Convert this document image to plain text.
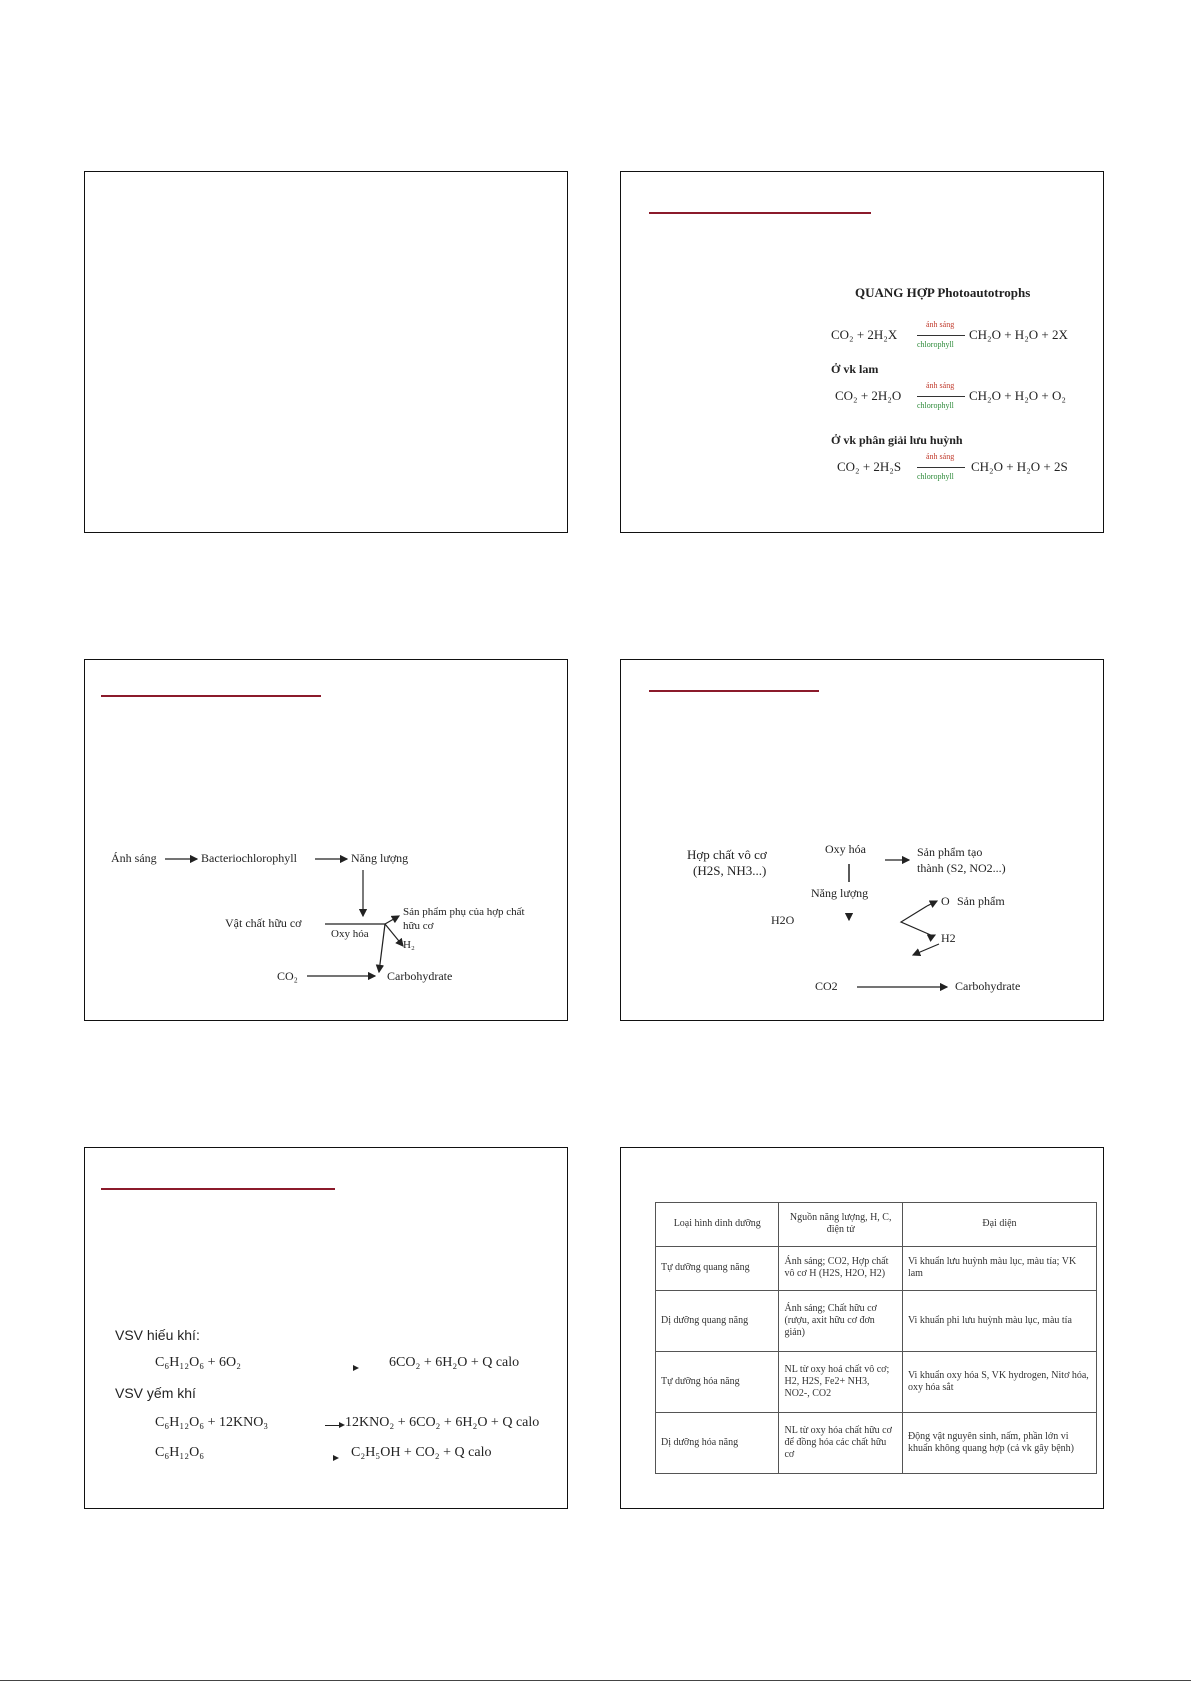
QUANG HỢP Photoautotrophs
CO₂ + 2H₂X
ánh sáng
chlorophyll
CH₂O + H₂O + 2X
Ở vk lam
CO₂ + 2H₂O
ánh sáng
chlorophyll
CH₂O + H₂O + O₂
Ở vk phân giải lưu huỳnh
CO₂ + 2H₂S
ánh sáng
chlorophyll
CH₂O + H₂O + 2S
Ánh sáng	Bacteriochlorophyll	Năng lượng
Vật chất hữu cơ
Oxy hóa
Sản phẩm phụ của hợp chất
hữu cơ
H₂
CO₂	Carbohydrate
Hợp chất vô cơ
(H2S, NH3...)
Oxy hóa	Sản phẩm tạo
thành (S2, NO2...)
Năng lượng
O Sản phẩm
H2O
H2
CO2	Carbohydrate
VSV hiếu khí:
C₆H₁₂O₆ + 6O₂	6CO₂ + 6H₂O + Q calo
VSV yếm khí
C₆H₁₂O₆ + 12KNO₃	12KNO₂ + 6CO₂ + 6H₂O + Q calo
C₆H₁₂O₆	C₂H₅OH + CO₂ + Q calo
Loại hình dinh dưỡng	Nguồn năng lượng, H, C, điện tử	Đại diện
Tự dưỡng quang năng	Ánh sáng; CO2, Hợp chất vô cơ H (H2S, H2O, H2)	Vi khuẩn lưu huỳnh màu lục, màu tía; VK lam
Dị dưỡng quang năng	Ánh sáng; Chất hữu cơ (rượu, axit hữu cơ đơn giản)	Vi khuẩn phi lưu huỳnh màu lục, màu tía
Tự dưỡng hóa năng	NL từ oxy hoá chất vô cơ; H2, H2S, Fe2+ NH3, NO2-, CO2	Vi khuẩn oxy hóa S, VK hydrogen, Nitơ hóa, oxy hóa sắt
Dị dưỡng hóa năng	NL từ oxy hóa chất hữu cơ để đồng hóa các chất hữu cơ	Động vật nguyên sinh, nấm, phần lớn vi khuẩn không quang hợp (cả vk gây bệnh)
